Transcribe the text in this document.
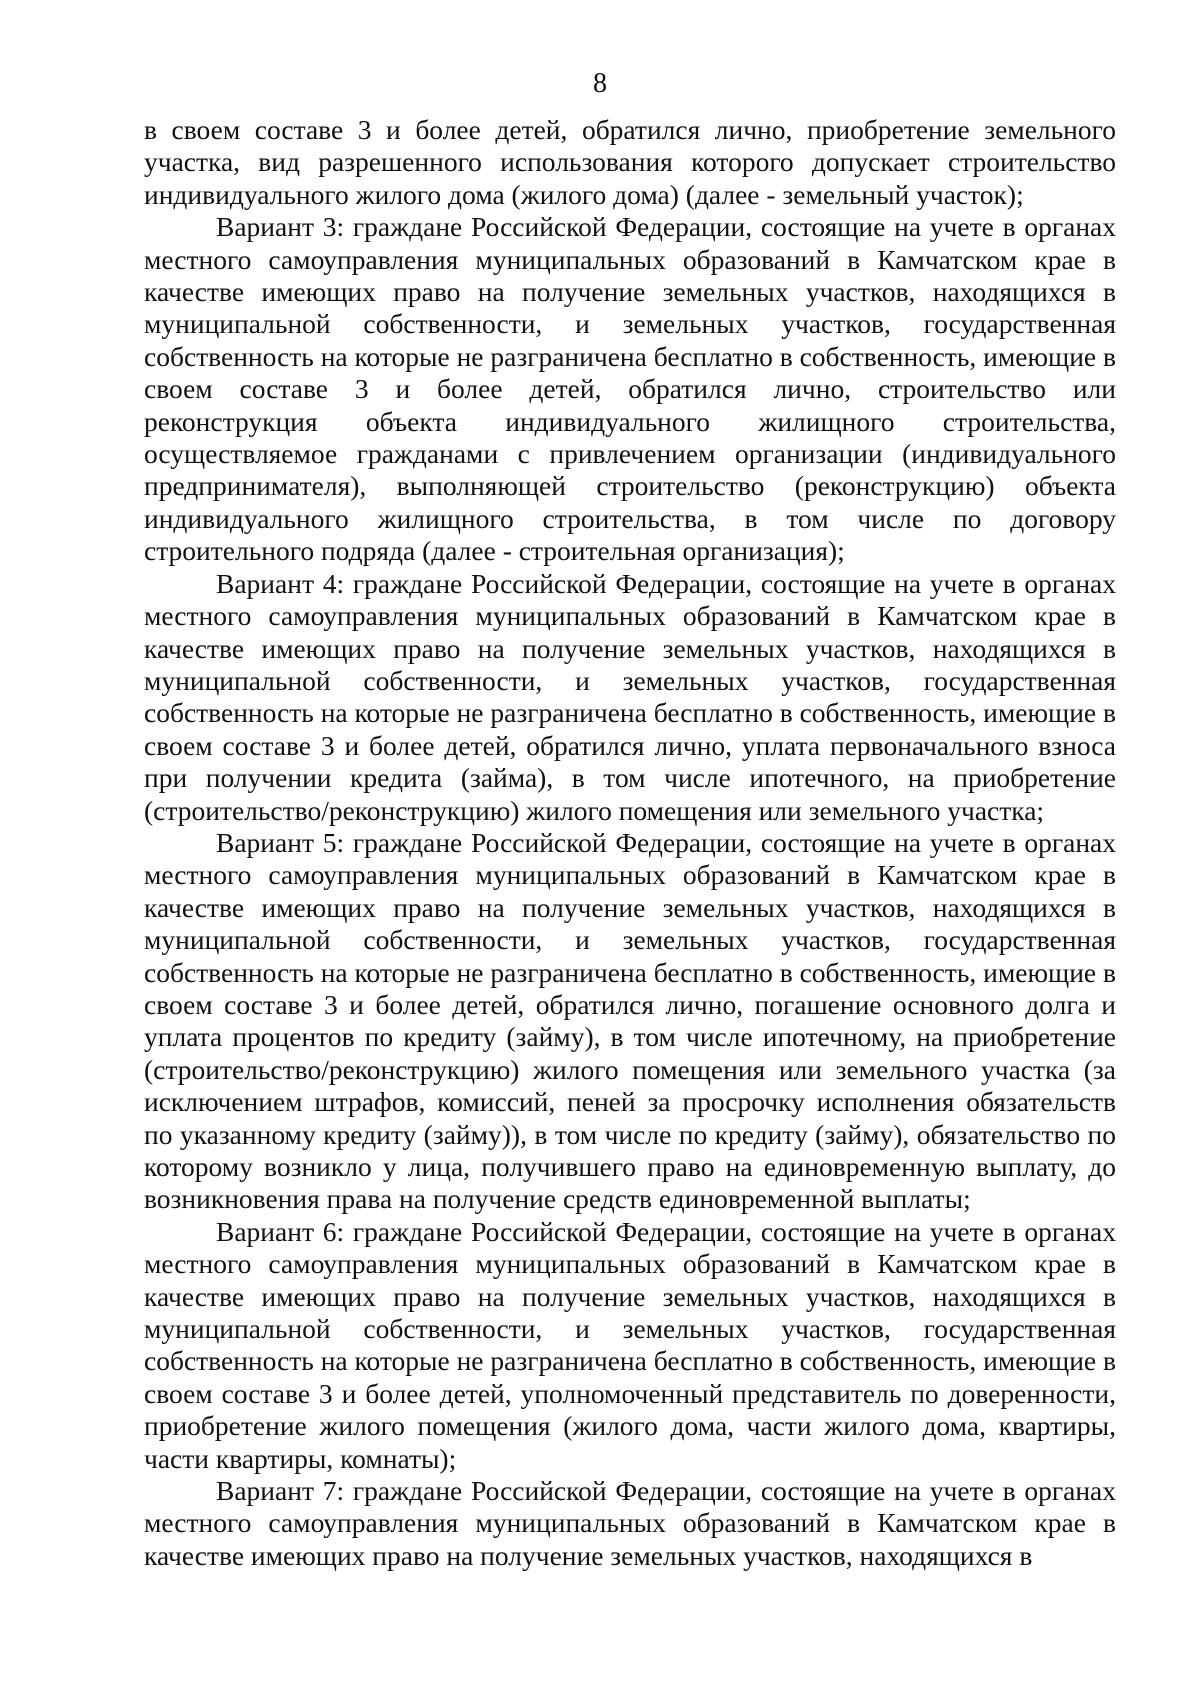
8

в своем составе 3 и более детей, обратился лично, приобретение земельного участка, вид разрешенного использования которого допускает строительство индивидуального жилого дома (жилого дома) (далее - земельный участок);

Вариант 3: граждане Российской Федерации, состоящие на учете в органах местного самоуправления муниципальных образований в Камчатском крае в качестве имеющих право на получение земельных участков, находящихся в муниципальной собственности, и земельных участков, государственная собственность на которые не разграничена бесплатно в собственность, имеющие в своем составе 3 и более детей, обратился лично, строительство или реконструкция объекта индивидуального жилищного строительства, осуществляемое гражданами с привлечением организации (индивидуального предпринимателя), выполняющей строительство (реконструкцию) объекта индивидуального жилищного строительства, в том числе по договору строительного подряда (далее - строительная организация);

Вариант 4: граждане Российской Федерации, состоящие на учете в органах местного самоуправления муниципальных образований в Камчатском крае в качестве имеющих право на получение земельных участков, находящихся в муниципальной собственности, и земельных участков, государственная собственность на которые не разграничена бесплатно в собственность, имеющие в своем составе 3 и более детей, обратился лично, уплата первоначального взноса при получении кредита (займа), в том числе ипотечного, на приобретение (строительство/реконструкцию) жилого помещения или земельного участка;

Вариант 5: граждане Российской Федерации, состоящие на учете в органах местного самоуправления муниципальных образований в Камчатском крае в качестве имеющих право на получение земельных участков, находящихся в муниципальной собственности, и земельных участков, государственная собственность на которые не разграничена бесплатно в собственность, имеющие в своем составе 3 и более детей, обратился лично, погашение основного долга и уплата процентов по кредиту (займу), в том числе ипотечному, на приобретение (строительство/реконструкцию) жилого помещения или земельного участка (за исключением штрафов, комиссий, пеней за просрочку исполнения обязательств по указанному кредиту (займу)), в том числе по кредиту (займу), обязательство по которому возникло у лица, получившего право на единовременную выплату, до возникновения права на получение средств единовременной выплаты;

Вариант 6: граждане Российской Федерации, состоящие на учете в органах местного самоуправления муниципальных образований в Камчатском крае в качестве имеющих право на получение земельных участков, находящихся в муниципальной собственности, и земельных участков, государственная собственность на которые не разграничена бесплатно в собственность, имеющие в своем составе 3 и более детей, уполномоченный представитель по доверенности, приобретение жилого помещения (жилого дома, части жилого дома, квартиры, части квартиры, комнаты);

Вариант 7: граждане Российской Федерации, состоящие на учете в органах местного самоуправления муниципальных образований в Камчатском крае в качестве имеющих право на получение земельных участков, находящихся в
